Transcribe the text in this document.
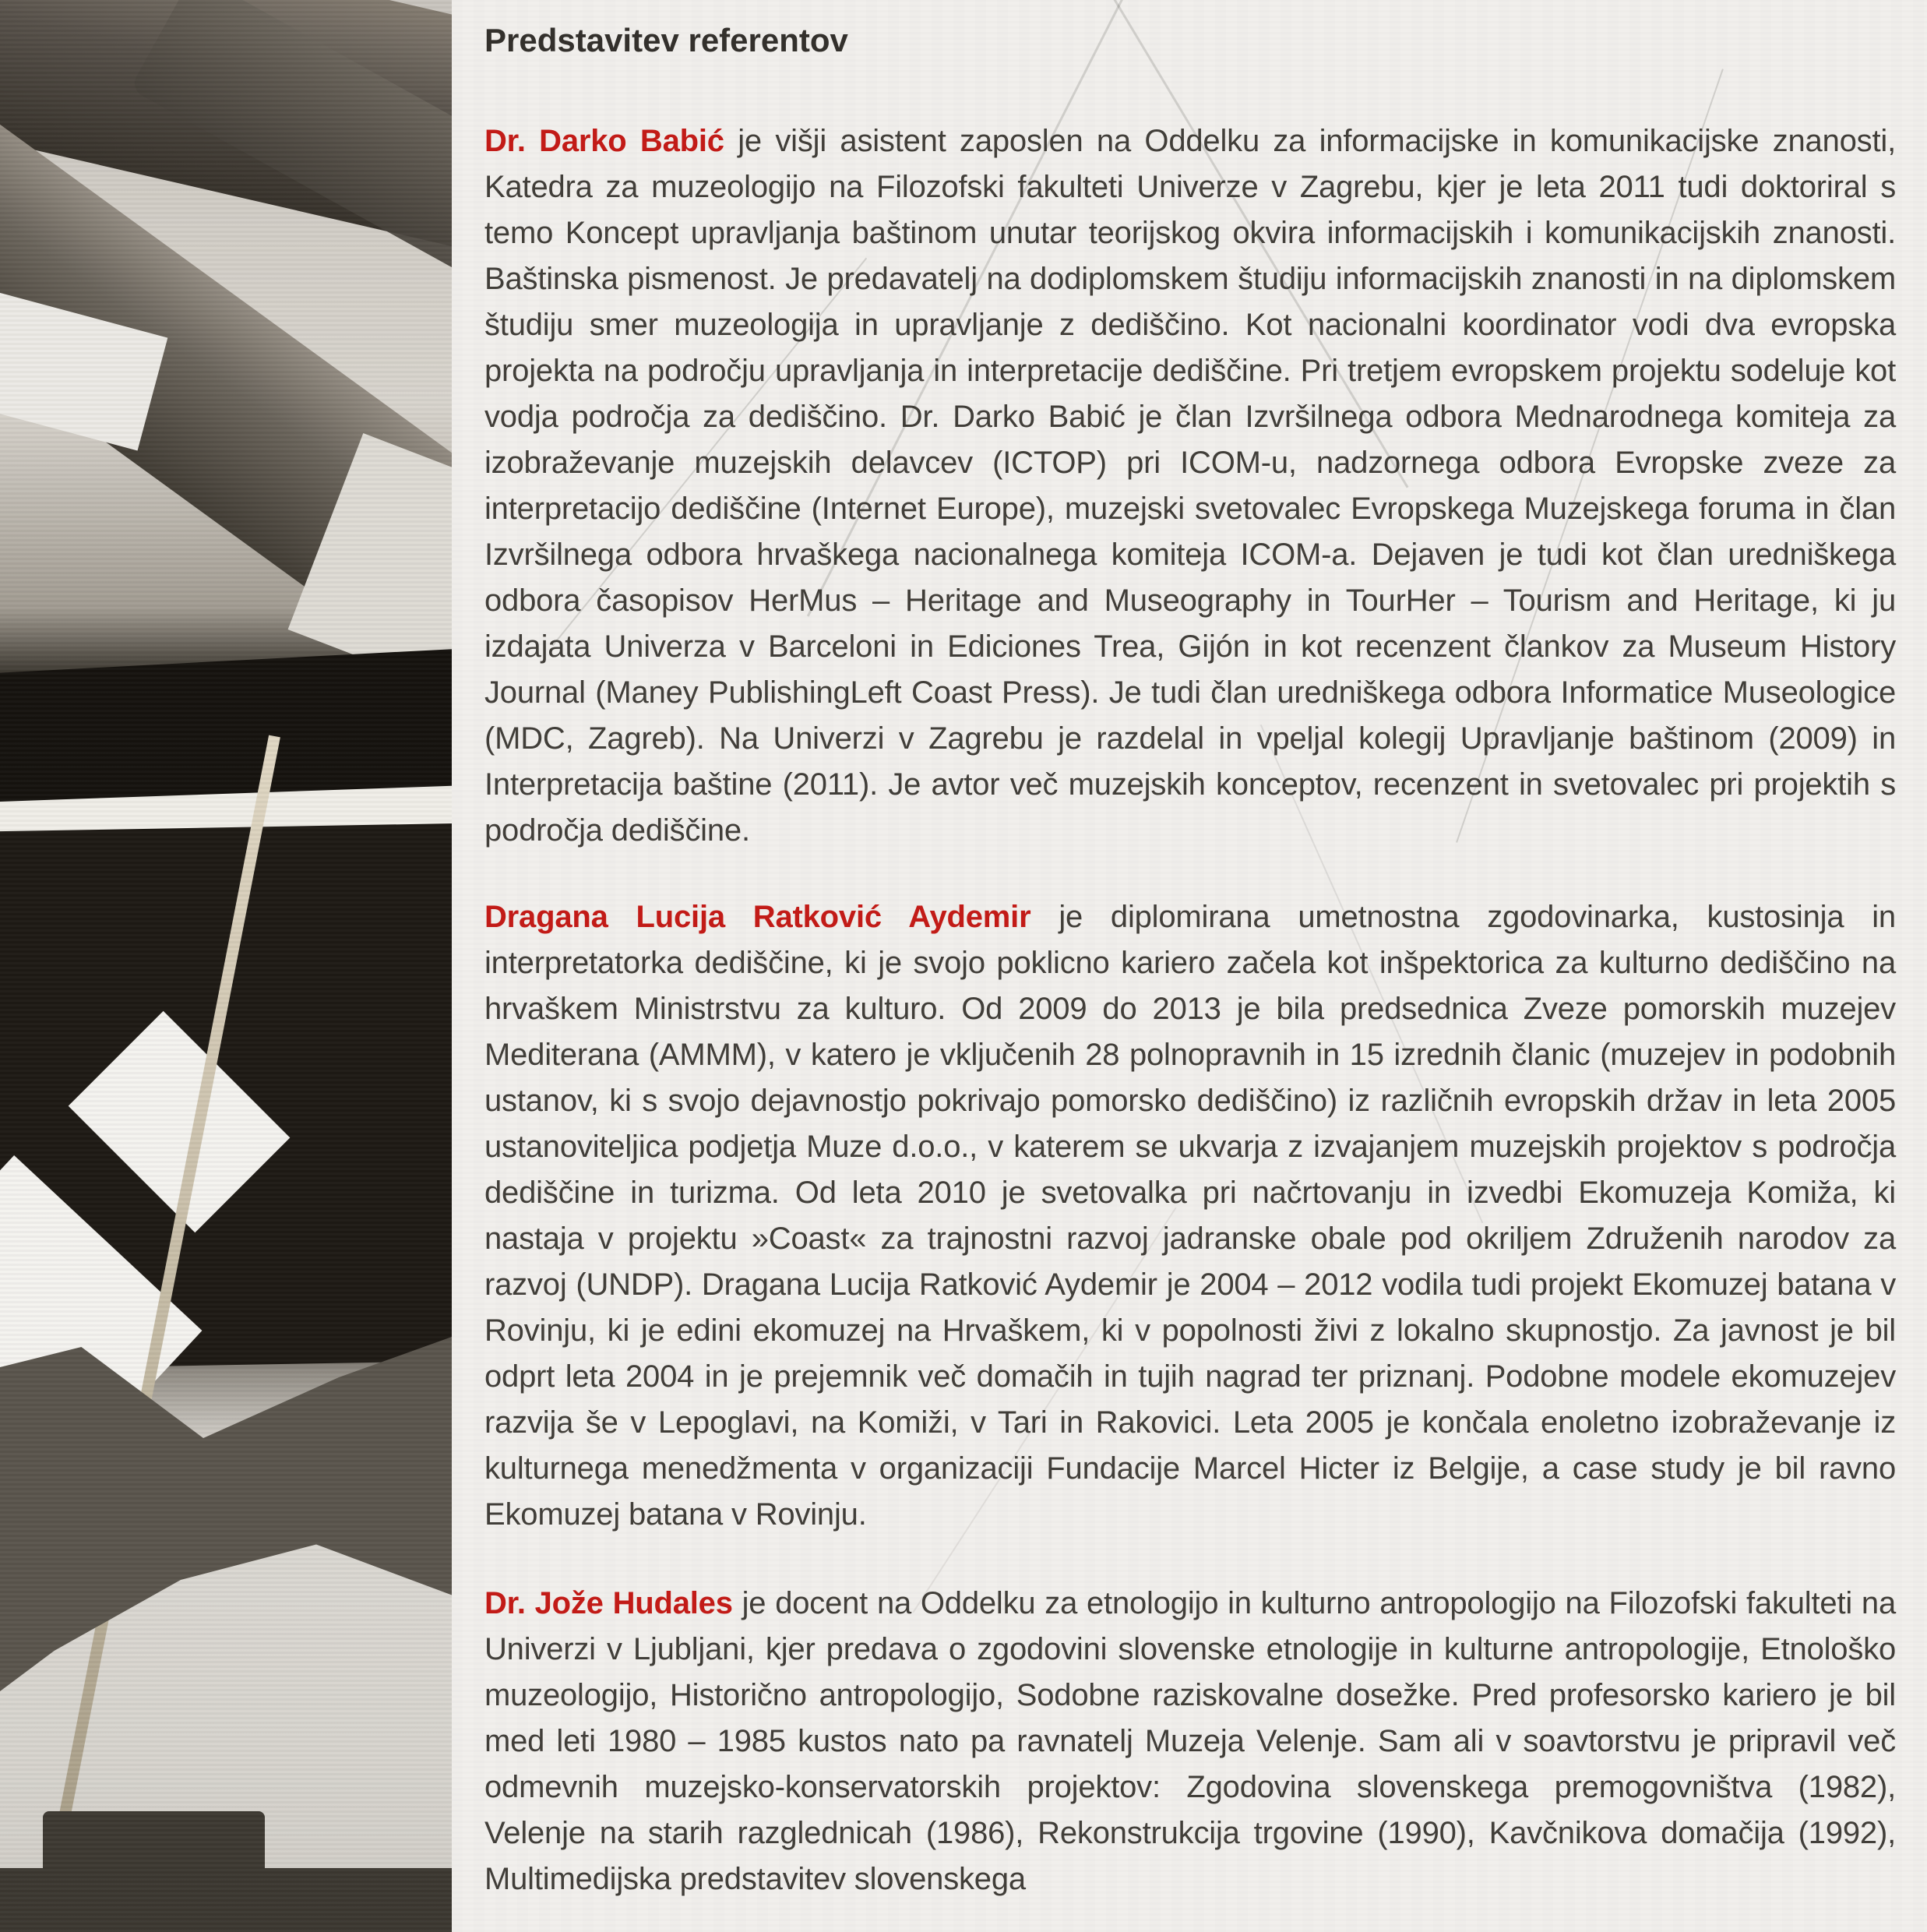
Predstavitev referentov

Dr. Darko Babić je višji asistent zaposlen na Oddelku za informacijske in komunikacijske znanosti, Katedra za muzeologijo na Filozofski fakulteti Univerze v Zagrebu, kjer je leta 2011 tudi doktoriral s temo Koncept upravljanja baštinom unutar teorijskog okvira informacijskih i komunikacijskih znanosti. Baštinska pismenost. Je predavatelj na dodiplomskem študiju informacijskih znanosti in na diplomskem študiju smer muzeologija in upravljanje z dediščino. Kot nacionalni koordinator vodi dva evropska projekta na področju upravljanja in interpretacije dediščine. Pri tretjem evropskem projektu sodeluje kot vodja področja za dediščino. Dr. Darko Babić je član Izvršilnega odbora Mednarodnega komiteja za izobraževanje muzejskih delavcev (ICTOP) pri ICOM-u, nadzornega odbora Evropske zveze za interpretacijo dediščine (Internet Europe), muzejski svetovalec Evropskega Muzejskega foruma in član Izvršilnega odbora hrvaškega nacionalnega komiteja ICOM-a. Dejaven je tudi kot član uredniškega odbora časopisov HerMus – Heritage and Museography in TourHer – Tourism and Heritage, ki ju izdajata Univerza v Barceloni in Ediciones Trea, Gijón in kot recenzent člankov za Museum History Journal (Maney PublishingLeft Coast Press). Je tudi član uredniškega odbora Informatice Museologice (MDC, Zagreb). Na Univerzi v Zagrebu je razdelal in vpeljal kolegij Upravljanje baštinom (2009) in Interpretacija baštine (2011). Je avtor več muzejskih konceptov, recenzent in svetovalec pri projektih s področja dediščine.

Dragana Lucija Ratković Aydemir je diplomirana umetnostna zgodovinarka, kustosinja in interpretatorka dediščine, ki je svojo poklicno kariero začela kot inšpektorica za kulturno dediščino na hrvaškem Ministrstvu za kulturo. Od 2009 do 2013 je bila predsednica Zveze pomorskih muzejev Mediterana (AMMM), v katero je vključenih 28 polnopravnih in 15 izrednih članic (muzejev in podobnih ustanov, ki s svojo dejavnostjo pokrivajo pomorsko dediščino) iz različnih evropskih držav in leta 2005 ustanoviteljica podjetja Muze d.o.o., v katerem se ukvarja z izvajanjem muzejskih projektov s področja dediščine in turizma. Od leta 2010 je svetovalka pri načrtovanju in izvedbi Ekomuzeja Komiža, ki nastaja v projektu »Coast« za trajnostni razvoj jadranske obale pod okriljem Združenih narodov za razvoj (UNDP). Dragana Lucija Ratković Aydemir je 2004 – 2012 vodila tudi projekt Ekomuzej batana v Rovinju, ki je edini ekomuzej na Hrvaškem, ki v popolnosti živi z lokalno skupnostjo. Za javnost je bil odprt leta 2004 in je prejemnik več domačih in tujih nagrad ter priznanj. Podobne modele ekomuzejev razvija še v Lepoglavi, na Komiži, v Tari in Rakovici. Leta 2005 je končala enoletno izobraževanje iz kulturnega menedžmenta v organizaciji Fundacije Marcel Hicter iz Belgije, a case study je bil ravno Ekomuzej batana v Rovinju.

Dr. Jože Hudales je docent na Oddelku za etnologijo in kulturno antropologijo na Filozofski fakulteti na Univerzi v Ljubljani, kjer predava o zgodovini slovenske etnologije in kulturne antropologije, Etnološko muzeologijo, Historično antropologijo, Sodobne raziskovalne dosežke. Pred profesorsko kariero je bil med leti 1980 – 1985 kustos nato pa ravnatelj Muzeja Velenje. Sam ali v soavtorstvu je pripravil več odmevnih muzejsko-konservatorskih projektov: Zgodovina slovenskega premogovništva (1982), Velenje na starih razglednicah (1986), Rekonstrukcija trgovine (1990), Kavčnikova domačija (1992), Multimedijska predstavitev slovenskega
